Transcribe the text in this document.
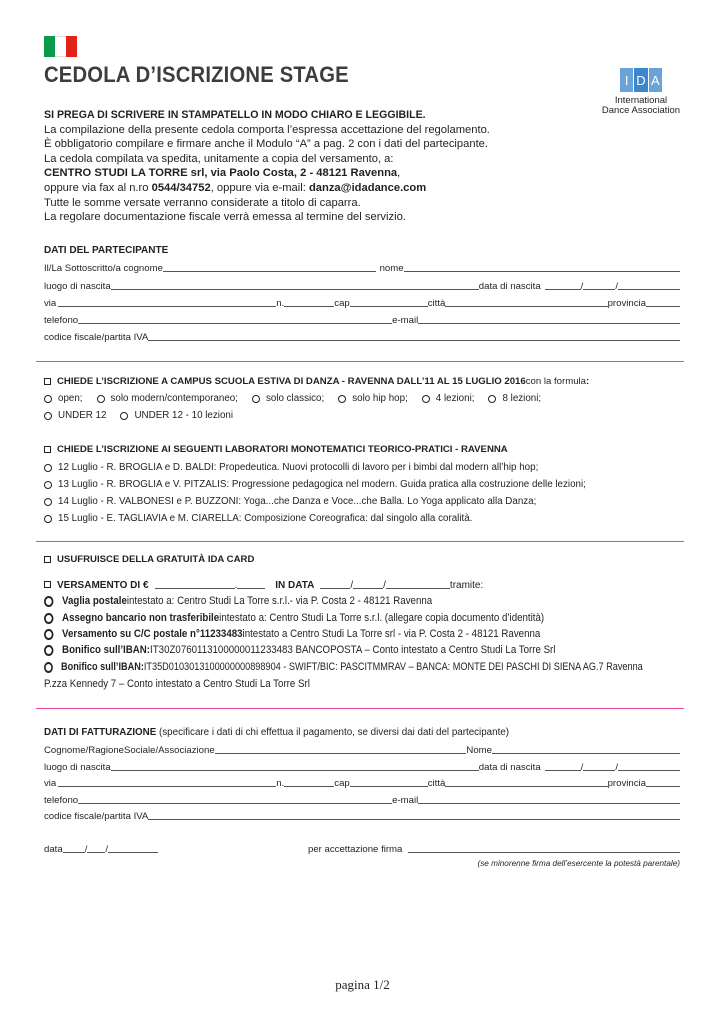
CEDOLA D’ISCRIZIONE STAGE	I D A
International
Dance Association
SI PREGA DI SCRIVERE IN STAMPATELLO IN MODO CHIARO E LEGGIBILE.
La compilazione della presente cedola comporta l’espressa accettazione del regolamento.
È obbligatorio compilare e firmare anche il Modulo “A” a pag. 2 con i dati del partecipante.
La cedola compilata va spedita, unitamente a copia del versamento, a:
CENTRO STUDI LA TORRE srl, via Paolo Costa, 2 - 48121 Ravenna,
oppure via fax al n.ro 0544/34752, oppure via e-mail: danza@idadance.com
Tutte le somme versate verranno considerate a titolo di caparra.
La regolare documentazione fiscale verrà emessa al termine del servizio.
DATI DEL PARTECIPANTE
Il/La Sottoscritto/a cognome	nome
luogo di nascita	data di nascita	/	/
via	n.	cap	città	provincia
telefono	e-mail
codice fiscale/partita IVA
CHIEDE L’ISCRIZIONE A CAMPUS SCUOLA ESTIVA DI DANZA - RAVENNA DALL’11 AL 15 LUGLIO 2016 con la formula :
open;	solo modern/contemporaneo;	solo classico;	solo hip hop;	4 lezioni;	8 lezioni;
UNDER 12	UNDER 12 - 10 lezioni
CHIEDE L’ISCRIZIONE AI SEGUENTI LABORATORI MONOTEMATICI TEORICO-PRATICI - RAVENNA
12 Luglio - R. BROGLIA e D. BALDI: Propedeutica. Nuovi protocolli di lavoro per i bimbi dal modern all’hip hop;
13 Luglio - R. BROGLIA e V. PITZALIS: Progressione pedagogica nel modern. Guida pratica alla costruzione delle lezioni;
14 Luglio - R. VALBONESI e P. BUZZONI: Yoga...che Danza e Voce...che Balla. Lo Yoga applicato alla Danza;
15 Luglio - E. TAGLIAVIA e M. CIARELLA: Composizione Coreografica: dal singolo alla coralità.
USUFRUISCE DELLA GRATUITÀ IDA CARD
VERSAMENTO DI €	.	IN DATA	/	/	tramite:
Vaglia postale intestato a: Centro Studi La Torre s.r.l.- via P. Costa 2 - 48121 Ravenna
Assegno bancario non trasferibile intestato a: Centro Studi La Torre s.r.l. (allegare copia documento d’identità)
Versamento su C/C postale n°11233483 intestato a Centro Studi La Torre srl - via P. Costa 2 - 48121 Ravenna
Bonifico sull’IBAN: IT30Z0760113100000011233483 BANCOPOSTA – Conto intestato a Centro Studi La Torre Srl
Bonifico sull’IBAN: IT35D0103013100000000898904 - SWIFT/BIC: PASCITMMRAV – BANCA: MONTE DEI PASCHI DI SIENA AG.7 Ravenna
P.zza Kennedy 7 – Conto intestato a Centro Studi La Torre Srl
DATI DI FATTURAZIONE (specificare i dati di chi effettua il pagamento, se diversi dai dati del partecipante)
Cognome/RagioneSociale/Associazione	Nome
luogo di nascita	data di nascita	/	/
via	n.	cap	città	provincia
telefono	e-mail
codice fiscale/partita IVA
data / /	per accettazione firma
(se minorenne firma dell’esercente la potestà parentale)
pagina 1/2
